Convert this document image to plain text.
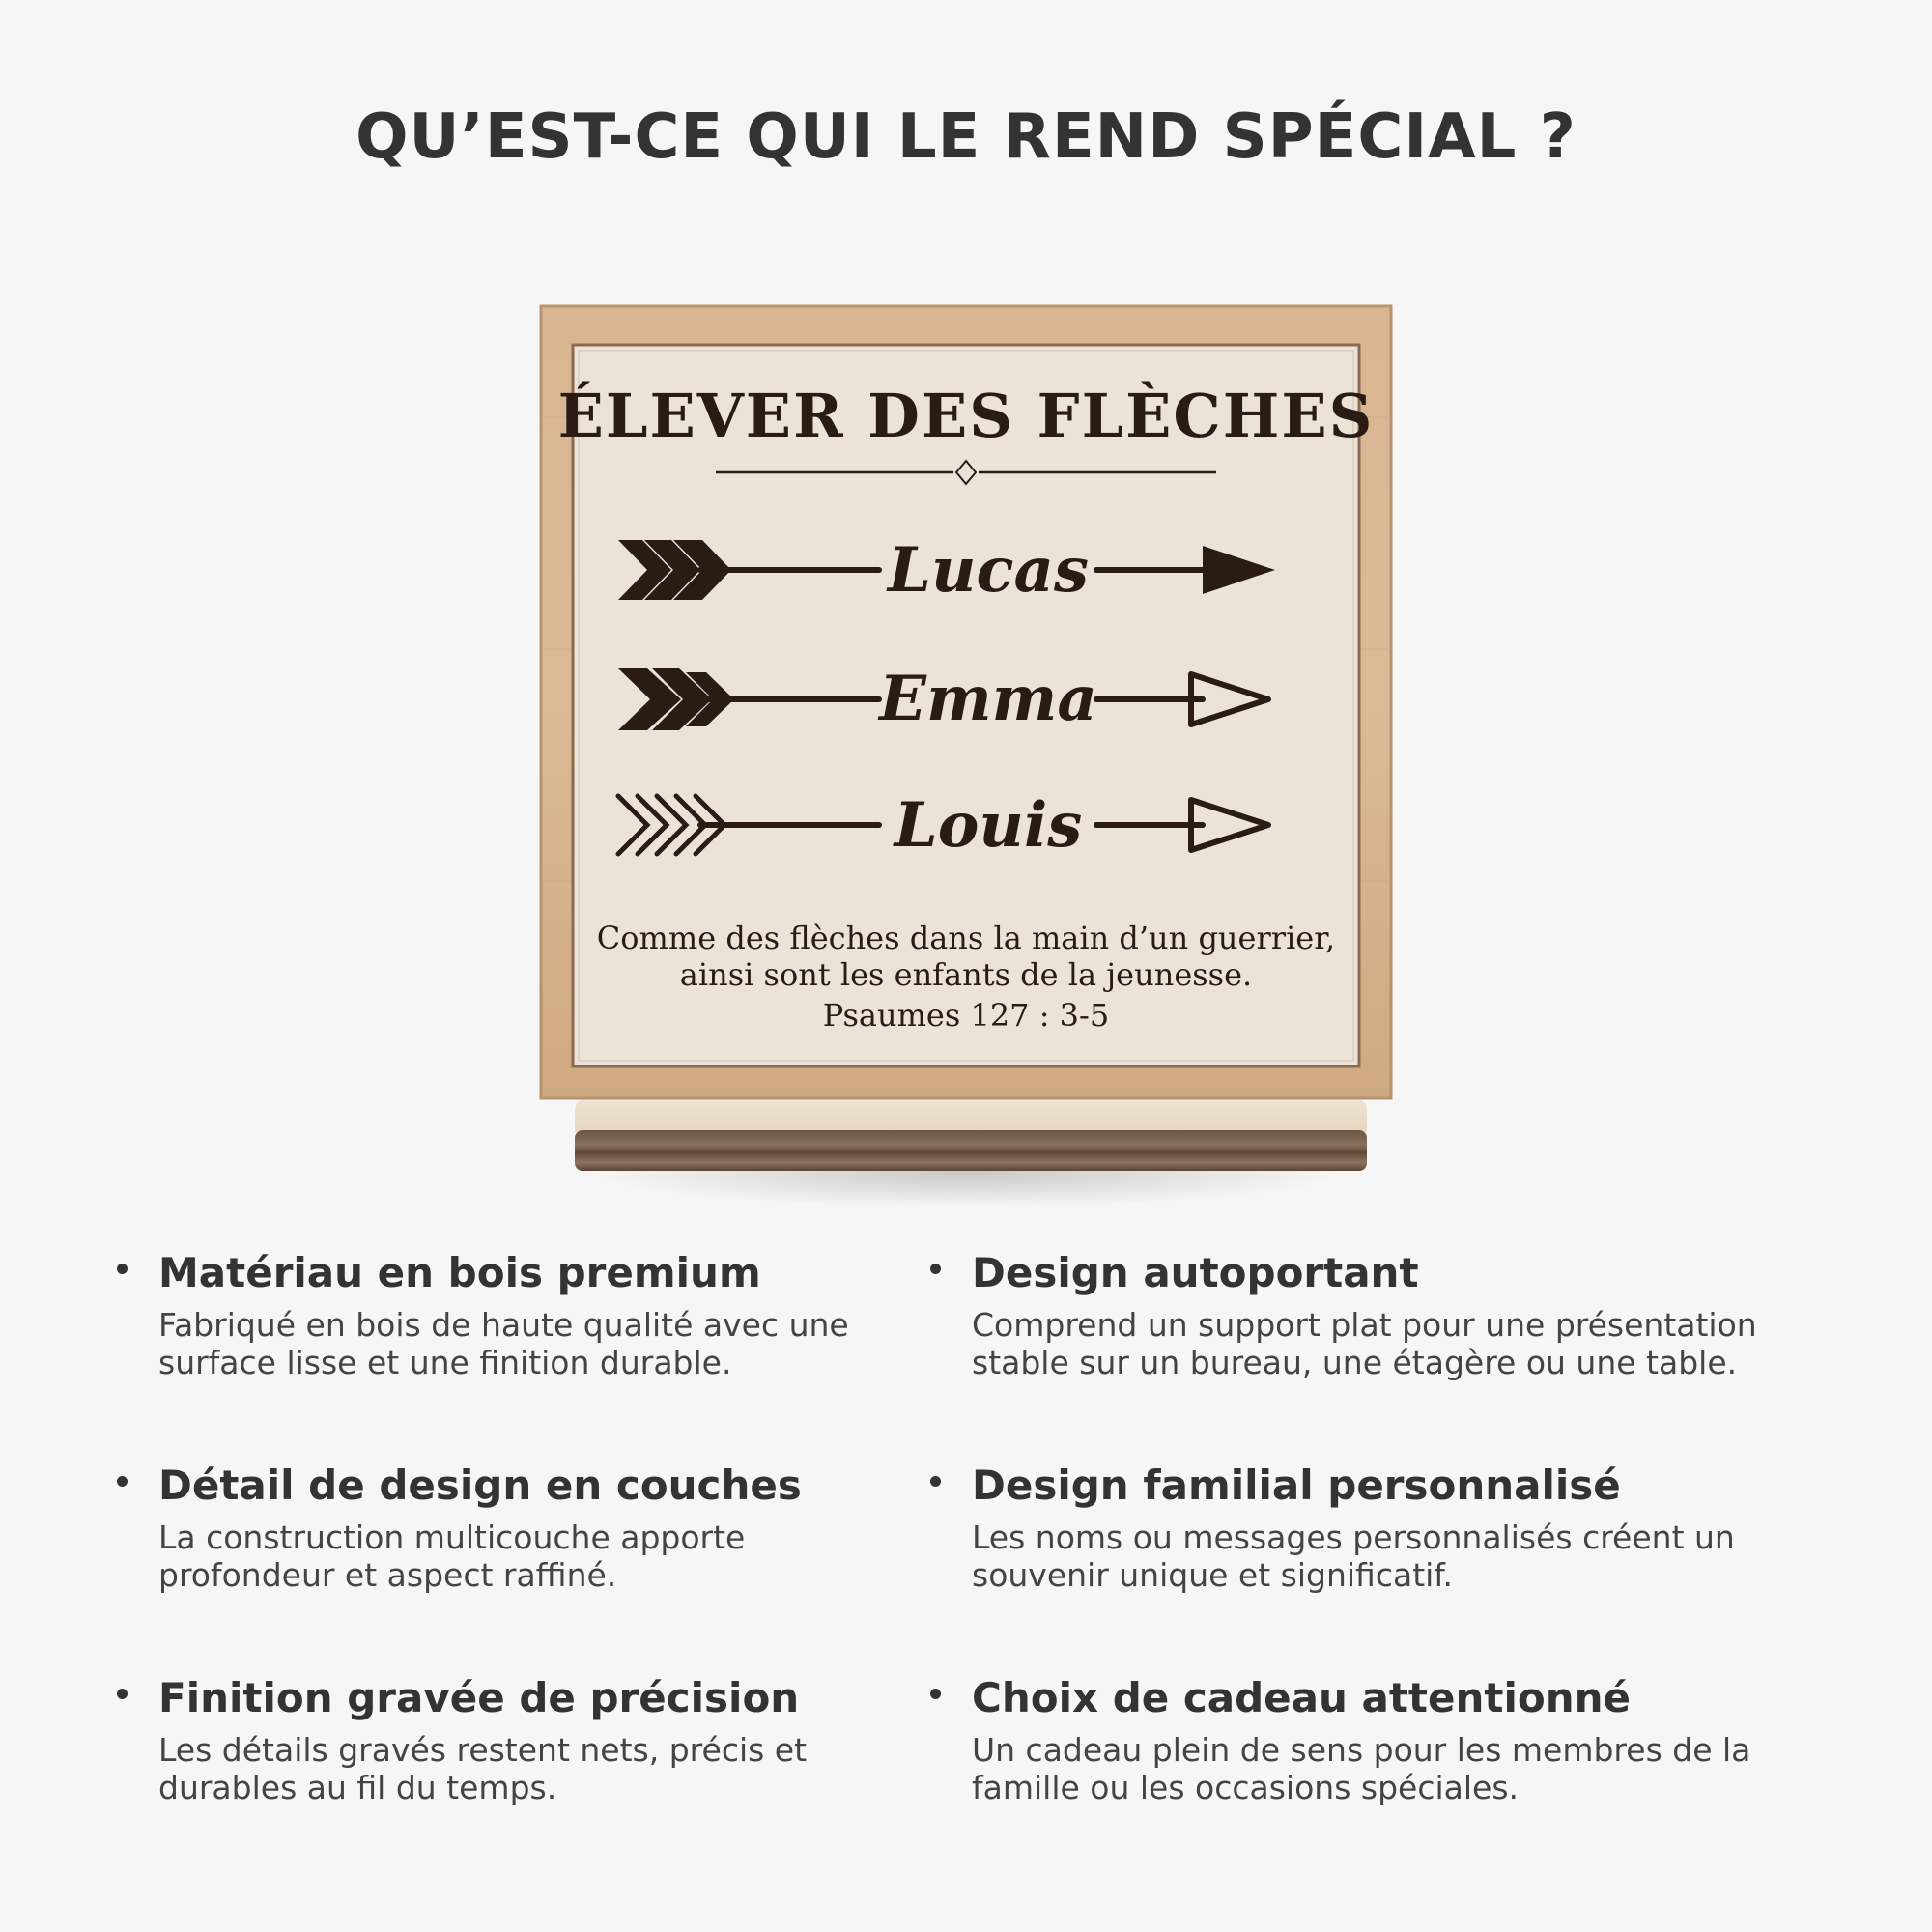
QU’EST-CE QUI LE REND SPÉCIAL ?
ÉLEVER DES FLÈCHES
Lucas
Emma
Louis
Comme des flèches dans la main d’un guerrier,
ainsi sont les enfants de la jeunesse.
Psaumes 127 : 3-5
Matériau en bois premium
Fabriqué en bois de haute qualité avec une surface lisse et une finition durable.
Design autoportant
Comprend un support plat pour une présentation stable sur un bureau, une étagère ou une table.
Détail de design en couches
La construction multicouche apporte profondeur et aspect raffiné.
Design familial personnalisé
Les noms ou messages personnalisés créent un souvenir unique et significatif.
Finition gravée de précision
Les détails gravés restent nets, précis et durables au fil du temps.
Choix de cadeau attentionné
Un cadeau plein de sens pour les membres de la famille ou les occasions spéciales.
